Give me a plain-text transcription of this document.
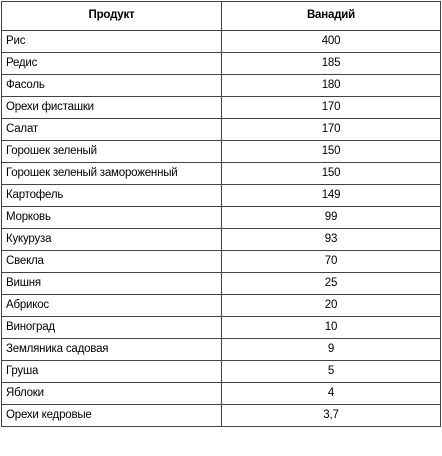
Продукт	Ванадий
Рис	400
Редис	185
Фасоль	180
Орехи фисташки	170
Салат	170
Горошек зеленый	150
Горошек зеленый замороженный	150
Картофель	149
Морковь	99
Кукуруза	93
Свекла	70
Вишня	25
Абрикос	20
Виноград	10
Земляника садовая	9
Груша	5
Яблоки	4
Орехи кедровые	3,7
